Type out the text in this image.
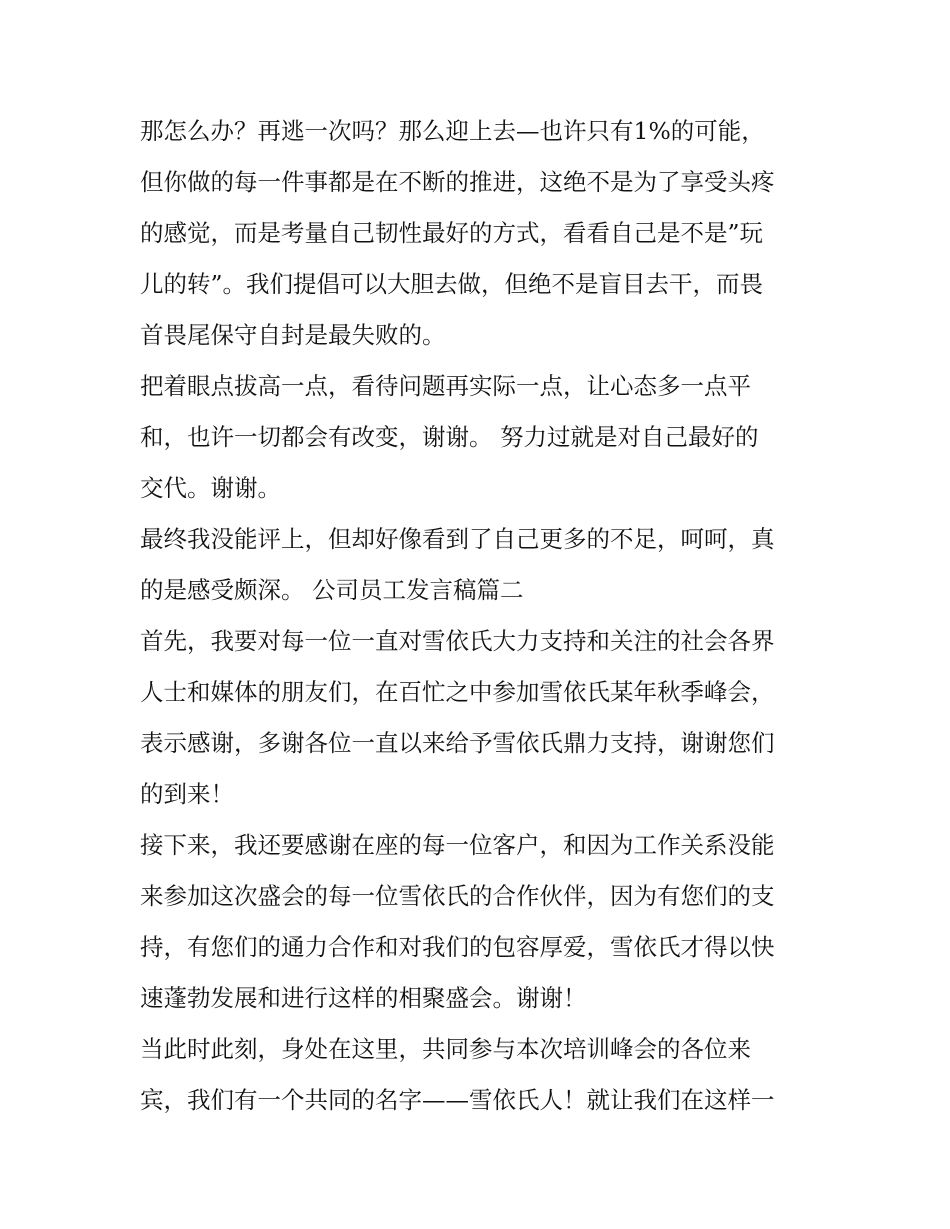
那怎么办？再逃一次吗？那么迎上去—也许只有1%的可能，
但你做的每一件事都是在不断的推进，这绝不是为了享受头疼
的感觉，而是考量自己韧性最好的方式，看看自己是不是”玩
儿的转”。我们提倡可以大胆去做，但绝不是盲目去干，而畏
首畏尾保守自封是最失败的。
把着眼点拔高一点，看待问题再实际一点，让心态多一点平
和，也许一切都会有改变，谢谢。 努力过就是对自己最好的
交代。谢谢。
最终我没能评上，但却好像看到了自己更多的不足，呵呵，真
的是感受颇深。 公司员工发言稿篇二
首先，我要对每一位一直对雪依氏大力支持和关注的社会各界
人士和媒体的朋友们，在百忙之中参加雪依氏某年秋季峰会，
表示感谢，多谢各位一直以来给予雪依氏鼎力支持，谢谢您们
的到来！
接下来，我还要感谢在座的每一位客户，和因为工作关系没能
来参加这次盛会的每一位雪依氏的合作伙伴，因为有您们的支
持，有您们的通力合作和对我们的包容厚爱，雪依氏才得以快
速蓬勃发展和进行这样的相聚盛会。谢谢！
当此时此刻，身处在这里，共同参与本次培训峰会的各位来
宾，我们有一个共同的名字——雪依氏人！就让我们在这样一
